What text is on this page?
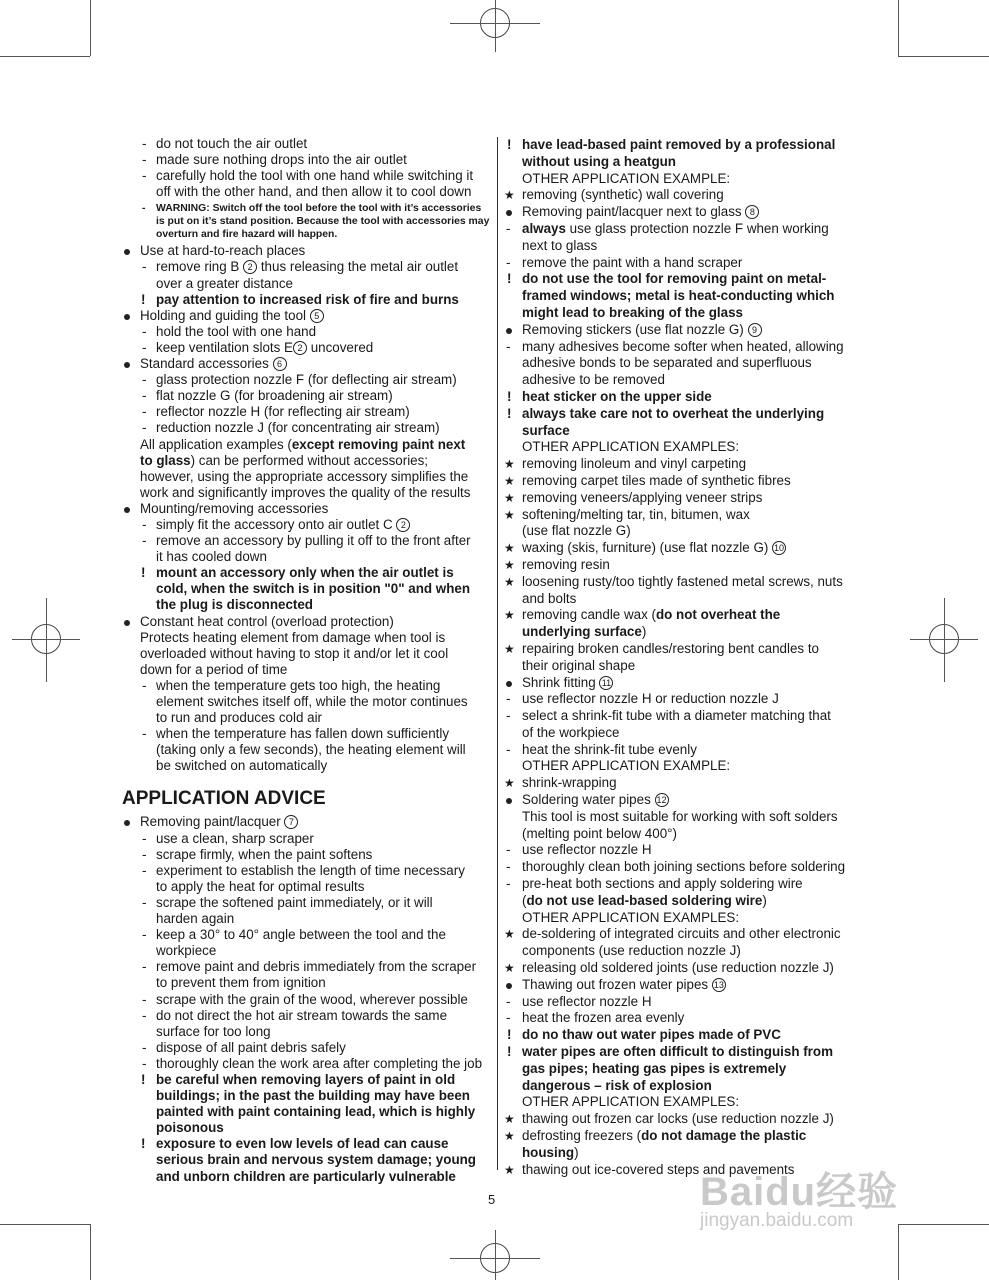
- do not touch the air outlet
- made sure nothing drops into the air outlet
- carefully hold the tool with one hand while switching it
off with the other hand, and then allow it to cool down
- WARNING: Switch off the tool before the tool with it’s accessories
is put on it’s stand position. Because the tool with accessories may
overturn and fire hazard will happen.
Use at hard-to-reach places
- remove ring B 2 thus releasing the metal air outlet
over a greater distance
! pay attention to increased risk of fire and burns
Holding and guiding the tool 5
- hold the tool with one hand
- keep ventilation slots E 2 uncovered
Standard accessories 6
- glass protection nozzle F (for deflecting air stream)
- flat nozzle G (for broadening air stream)
- reflector nozzle H (for reflecting air stream)
- reduction nozzle J (for concentrating air stream)
All application examples (except removing paint next
to glass) can be performed without accessories;
however, using the appropriate accessory simplifies the
work and significantly improves the quality of the results
Mounting/removing accessories
- simply fit the accessory onto air outlet C 2
- remove an accessory by pulling it off to the front after
it has cooled down
! mount an accessory only when the air outlet is
cold, when the switch is in position "0" and when
the plug is disconnected
Constant heat control (overload protection)
Protects heating element from damage when tool is
overloaded without having to stop it and/or let it cool
down for a period of time
- when the temperature gets too high, the heating
element switches itself off, while the motor continues
to run and produces cold air
- when the temperature has fallen down sufficiently
(taking only a few seconds), the heating element will
be switched on automatically
APPLICATION ADVICE
Removing paint/lacquer 7
- use a clean, sharp scraper
- scrape firmly, when the paint softens
- experiment to establish the length of time necessary
to apply the heat for optimal results
- scrape the softened paint immediately, or it will
harden again
- keep a 30° to 40° angle between the tool and the
workpiece
- remove paint and debris immediately from the scraper
to prevent them from ignition
- scrape with the grain of the wood, wherever possible
- do not direct the hot air stream towards the same
surface for too long
- dispose of all paint debris safely
- thoroughly clean the work area after completing the job
! be careful when removing layers of paint in old
buildings; in the past the building may have been
painted with paint containing lead, which is highly
poisonous
! exposure to even low levels of lead can cause
serious brain and nervous system damage; young
and unborn children are particularly vulnerable
! have lead-based paint removed by a professional
without using a heatgun
OTHER APPLICATION EXAMPLE:
★ removing (synthetic) wall covering
Removing paint/lacquer next to glass 8
- always use glass protection nozzle F when working
next to glass
- remove the paint with a hand scraper
! do not use the tool for removing paint on metal-
framed windows; metal is heat-conducting which
might lead to breaking of the glass
Removing stickers (use flat nozzle G) 9
- many adhesives become softer when heated, allowing
adhesive bonds to be separated and superfluous
adhesive to be removed
! heat sticker on the upper side
! always take care not to overheat the underlying
surface
OTHER APPLICATION EXAMPLES:
★ removing linoleum and vinyl carpeting
★ removing carpet tiles made of synthetic fibres
★ removing veneers/applying veneer strips
★ softening/melting tar, tin, bitumen, wax
(use flat nozzle G)
★ waxing (skis, furniture) (use flat nozzle G) 10
★ removing resin
★ loosening rusty/too tightly fastened metal screws, nuts
and bolts
★ removing candle wax (do not overheat the
underlying surface)
★ repairing broken candles/restoring bent candles to
their original shape
Shrink fitting 11
- use reflector nozzle H or reduction nozzle J
- select a shrink-fit tube with a diameter matching that
of the workpiece
- heat the shrink-fit tube evenly
OTHER APPLICATION EXAMPLE:
★ shrink-wrapping
Soldering water pipes 12
This tool is most suitable for working with soft solders
(melting point below 400°)
- use reflector nozzle H
- thoroughly clean both joining sections before soldering
- pre-heat both sections and apply soldering wire
(do not use lead-based soldering wire)
OTHER APPLICATION EXAMPLES:
★ de-soldering of integrated circuits and other electronic
components (use reduction nozzle J)
★ releasing old soldered joints (use reduction nozzle J)
Thawing out frozen water pipes 13
- use reflector nozzle H
- heat the frozen area evenly
! do no thaw out water pipes made of PVC
! water pipes are often difficult to distinguish from
gas pipes; heating gas pipes is extremely
dangerous – risk of explosion
OTHER APPLICATION EXAMPLES:
★ thawing out frozen car locks (use reduction nozzle J)
★ defrosting freezers (do not damage the plastic
housing)
★ thawing out ice-covered steps and pavements
5	Baidu经验
jingyan.baidu.com
